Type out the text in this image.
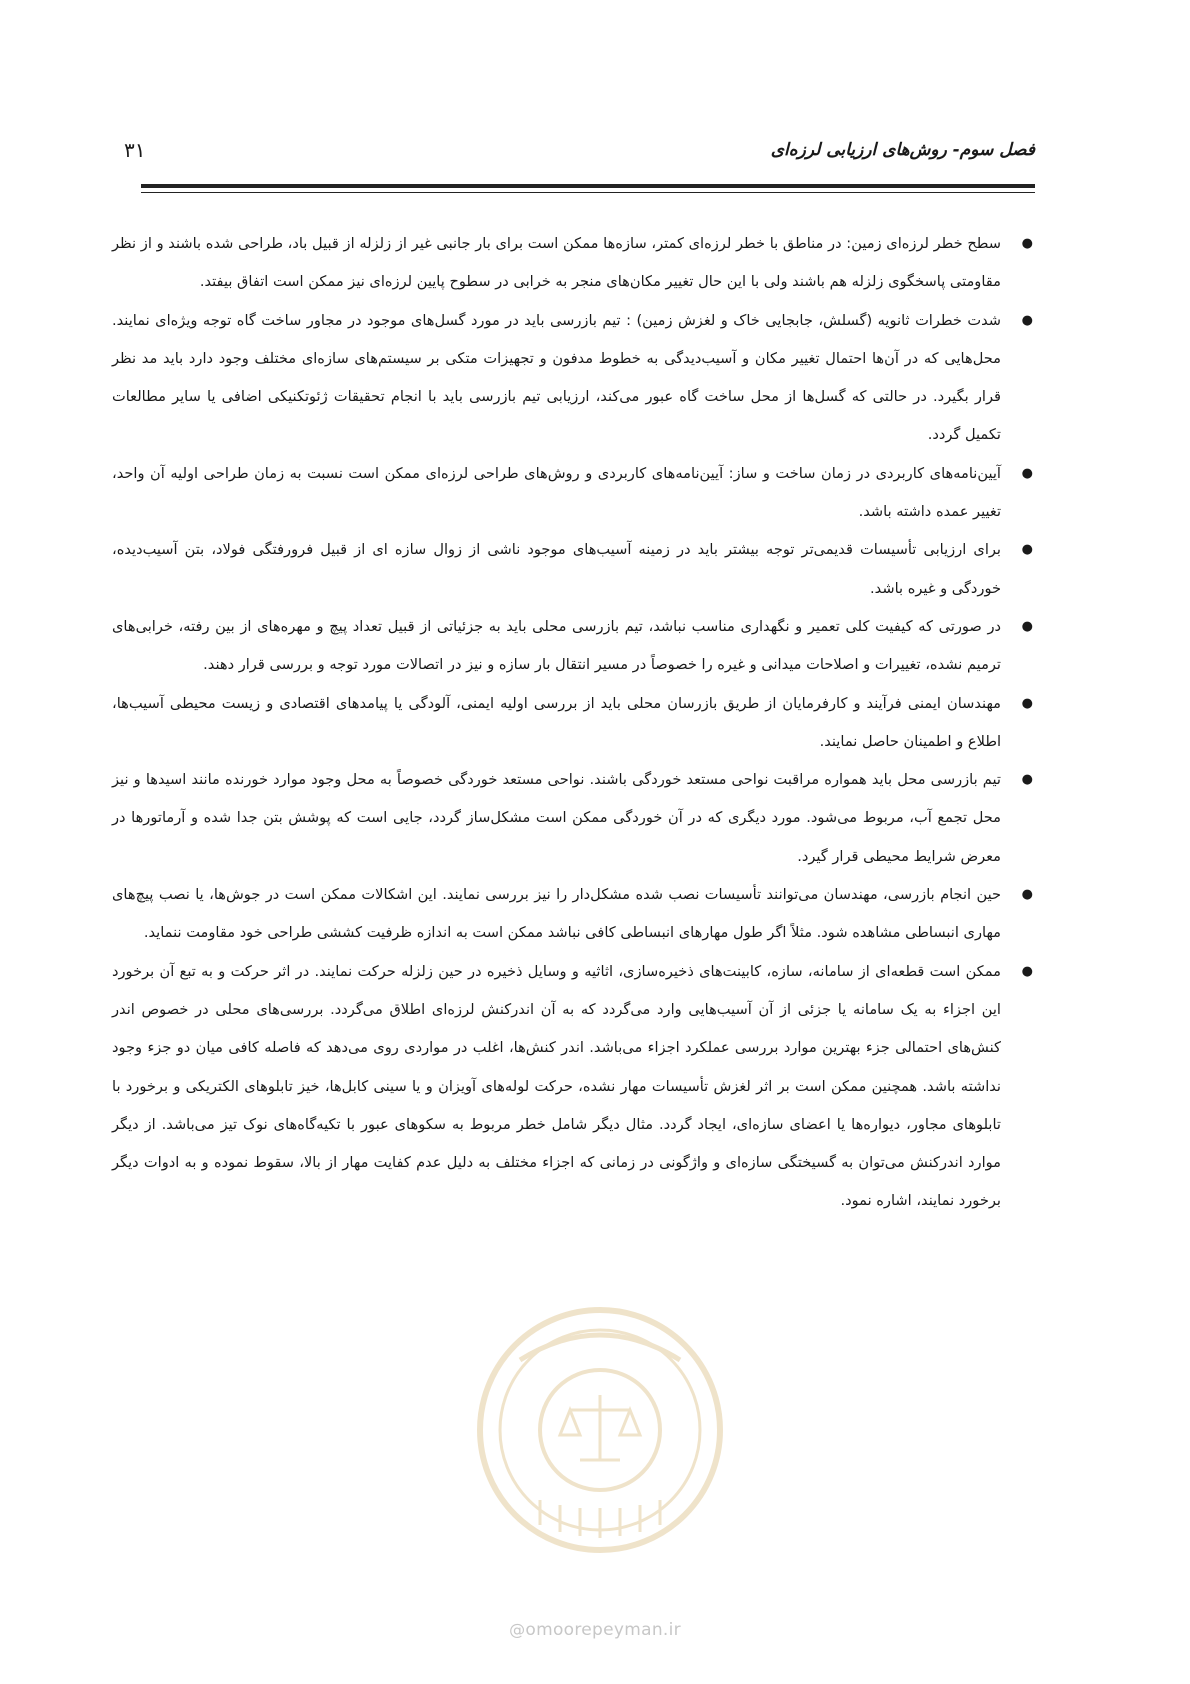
۳۱	فصل سوم- روش‌های ارزیابی لرزه‌ای
●
سطح خطر لرزه‌ای زمین: در مناطق با خطر لرزه‌ای کمتر، سازه‌ها ممکن است برای بار جانبی غیر از زلزله از قبیل باد، طراحی شده باشند و از نظر مقاومتی پاسخگوی زلزله هم باشند ولی با این حال تغییر مکان‌های منجر به خرابی در سطوح پایین لرزه‌ای نیز ممکن است اتفاق بیفتد.
●
شدت خطرات ثانویه (گسلش، جابجایی خاک و لغزش زمین) : تیم بازرسی باید در مورد گسل‌های موجود در مجاور ساخت گاه توجه ویژه‌ای نمایند. محل‌هایی که در آن‌ها احتمال تغییر مکان و آسیب‌دیدگی به خطوط مدفون و تجهیزات متکی بر سیستم‌های سازه‌ای مختلف وجود دارد باید مد نظر قرار بگیرد. در حالتی که گسل‌ها از محل ساخت گاه عبور می‌کند، ارزیابی تیم بازرسی باید با انجام تحقیقات ژئوتکنیکی اضافی یا سایر مطالعات تکمیل گردد.
●
آیین‌نامه‌های کاربردی در زمان ساخت و ساز: آیین‌نامه‌های کاربردی و روش‌های طراحی لرزه‌ای ممکن است نسبت به زمان طراحی اولیه آن واحد، تغییر عمده داشته باشد.
●
برای ارزیابی تأسیسات قدیمی‌تر توجه بیشتر باید در زمینه آسیب‌های موجود ناشی از زوال سازه ای از قبیل فرورفتگی فولاد، بتن آسیب‌دیده، خوردگی و غیره باشد.
●
در صورتی که کیفیت کلی تعمیر و نگهداری مناسب نباشد، تیم بازرسی محلی باید به جزئیاتی از قبیل تعداد پیچ و مهره‌های از بین رفته، خرابی‌های ترمیم نشده، تغییرات و اصلاحات میدانی و غیره را خصوصاً در مسیر انتقال بار سازه و نیز در اتصالات مورد توجه و بررسی قرار دهند.
●
مهندسان ایمنی فرآیند و کارفرمایان از طریق بازرسان محلی باید از بررسی اولیه ایمنی، آلودگی یا پیامدهای اقتصادی و زیست محیطی آسیب‌ها، اطلاع و اطمینان حاصل نمایند.
●
تیم بازرسی محل باید همواره مراقبت نواحی مستعد خوردگی باشند. نواحی مستعد خوردگی خصوصاً به محل وجود موارد خورنده مانند اسیدها و نیز محل تجمع آب، مربوط می‌شود. مورد دیگری که در آن خوردگی ممکن است مشکل‌ساز گردد، جایی است که پوشش بتن جدا شده و آرماتورها در معرض شرایط محیطی قرار گیرد.
●
حین انجام بازرسی، مهندسان می‌توانند تأسیسات نصب شده مشکل‌دار را نیز بررسی نمایند. این اشکالات ممکن است در جوش‌ها، یا نصب پیچ‌های مهاری انبساطی مشاهده شود. مثلاً اگر طول مهارهای انبساطی کافی نباشد ممکن است به اندازه ظرفیت کششی طراحی خود مقاومت ننماید.
●
ممکن است قطعه‌ای از سامانه، سازه، کابینت‌های ذخیره‌سازی، اثاثیه و وسایل ذخیره در حین زلزله حرکت نمایند. در اثر حرکت و به تبع آن برخورد این اجزاء به یک سامانه یا جزئی از آن آسیب‌هایی وارد می‌گردد که به آن اندرکنش لرزه‌ای اطلاق می‌گردد. بررسی‌های محلی در خصوص اندر کنش‌های احتمالی جزء بهترین موارد بررسی عملکرد اجزاء می‌باشد. اندر کنش‌ها، اغلب در مواردی روی می‌دهد که فاصله کافی میان دو جزء وجود نداشته باشد. همچنین ممکن است بر اثر لغزش تأسیسات مهار نشده، حرکت لوله‌های آویزان و یا سینی کابل‌ها، خیز تابلوهای الکتریکی و برخورد با تابلوهای مجاور، دیواره‌ها یا اعضای سازه‌ای، ایجاد گردد. مثال دیگر شامل خطر مربوط به سکوهای عبور با تکیه‌گاه‌های نوک تیز می‌باشد. از دیگر موارد اندرکنش می‌توان به گسیختگی سازه‌ای و واژگونی در زمانی که اجزاء مختلف به دلیل عدم کفایت مهار از بالا، سقوط نموده و به ادوات دیگر برخورد نمایند، اشاره نمود.
@omoorepeyman.ir
